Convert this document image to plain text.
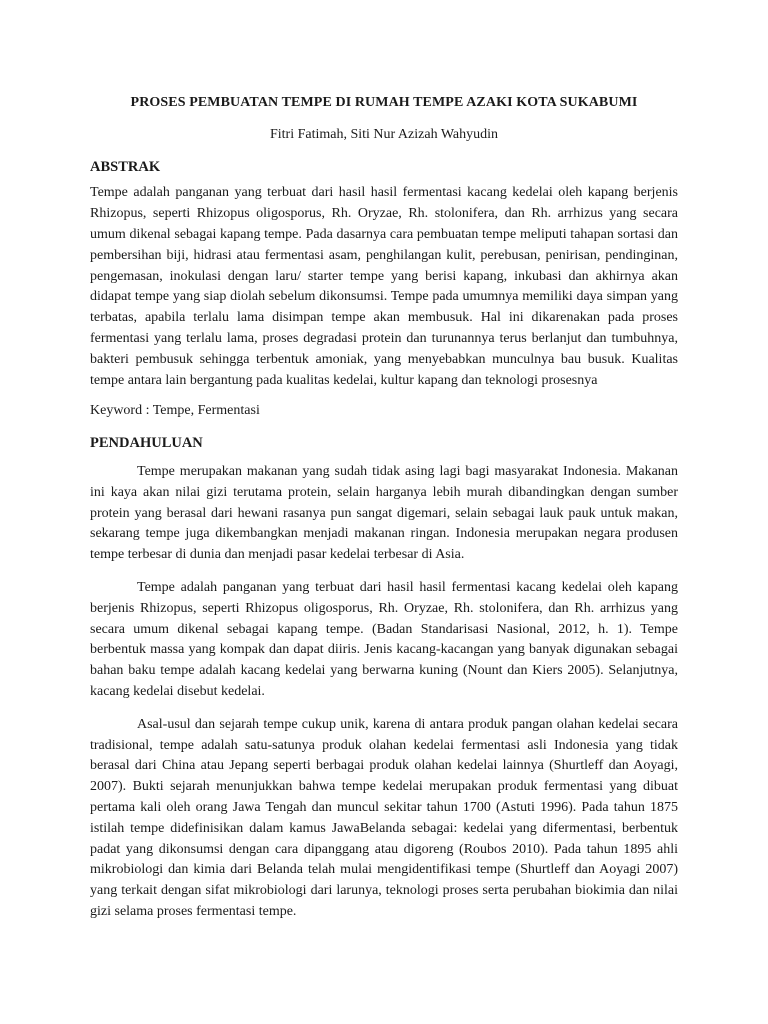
PROSES PEMBUATAN TEMPE DI RUMAH TEMPE AZAKI KOTA SUKABUMI

Fitri Fatimah, Siti Nur Azizah Wahyudin

ABSTRAK

Tempe adalah panganan yang terbuat dari hasil hasil fermentasi kacang kedelai oleh kapang berjenis Rhizopus, seperti Rhizopus oligosporus, Rh. Oryzae, Rh. stolonifera, dan Rh. arrhizus yang secara umum dikenal sebagai kapang tempe. Pada dasarnya cara pembuatan tempe meliputi tahapan sortasi dan pembersihan biji, hidrasi atau fermentasi asam, penghilangan kulit, perebusan, penirisan, pendinginan, pengemasan, inokulasi dengan laru/ starter tempe yang berisi kapang, inkubasi dan akhirnya akan didapat tempe yang siap diolah sebelum dikonsumsi. Tempe pada umumnya memiliki daya simpan yang terbatas, apabila terlalu lama disimpan tempe akan membusuk. Hal ini dikarenakan pada proses fermentasi yang terlalu lama, proses degradasi protein dan turunannya terus berlanjut dan tumbuhnya, bakteri pembusuk sehingga terbentuk amoniak, yang menyebabkan munculnya bau busuk. Kualitas tempe antara lain bergantung pada kualitas kedelai, kultur kapang dan teknologi prosesnya

Keyword : Tempe, Fermentasi

PENDAHULUAN

Tempe merupakan makanan yang sudah tidak asing lagi bagi masyarakat Indonesia. Makanan ini kaya akan nilai gizi terutama protein, selain harganya lebih murah dibandingkan dengan sumber protein yang berasal dari hewani rasanya pun sangat digemari, selain sebagai lauk pauk untuk makan, sekarang tempe juga dikembangkan menjadi makanan ringan. Indonesia merupakan negara produsen tempe terbesar di dunia dan menjadi pasar kedelai terbesar di Asia.

Tempe adalah panganan yang terbuat dari hasil hasil fermentasi kacang kedelai oleh kapang berjenis Rhizopus, seperti Rhizopus oligosporus, Rh. Oryzae, Rh. stolonifera, dan Rh. arrhizus yang secara umum dikenal sebagai kapang tempe. (Badan Standarisasi Nasional, 2012, h. 1). Tempe berbentuk massa yang kompak dan dapat diiris. Jenis kacang-kacangan yang banyak digunakan sebagai bahan baku tempe adalah kacang kedelai yang berwarna kuning (Nount dan Kiers 2005). Selanjutnya, kacang kedelai disebut kedelai.

Asal-usul dan sejarah tempe cukup unik, karena di antara produk pangan olahan kedelai secara tradisional, tempe adalah satu-satunya produk olahan kedelai fermentasi asli Indonesia yang tidak berasal dari China atau Jepang seperti berbagai produk olahan kedelai lainnya (Shurtleff dan Aoyagi, 2007). Bukti sejarah menunjukkan bahwa tempe kedelai merupakan produk fermentasi yang dibuat pertama kali oleh orang Jawa Tengah dan muncul sekitar tahun 1700 (Astuti 1996). Pada tahun 1875 istilah tempe didefinisikan dalam kamus JawaBelanda sebagai: kedelai yang difermentasi, berbentuk padat yang dikonsumsi dengan cara dipanggang atau digoreng (Roubos 2010). Pada tahun 1895 ahli mikrobiologi dan kimia dari Belanda telah mulai mengidentifikasi tempe (Shurtleff dan Aoyagi 2007) yang terkait dengan sifat mikrobiologi dari larunya, teknologi proses serta perubahan biokimia dan nilai gizi selama proses fermentasi tempe.
